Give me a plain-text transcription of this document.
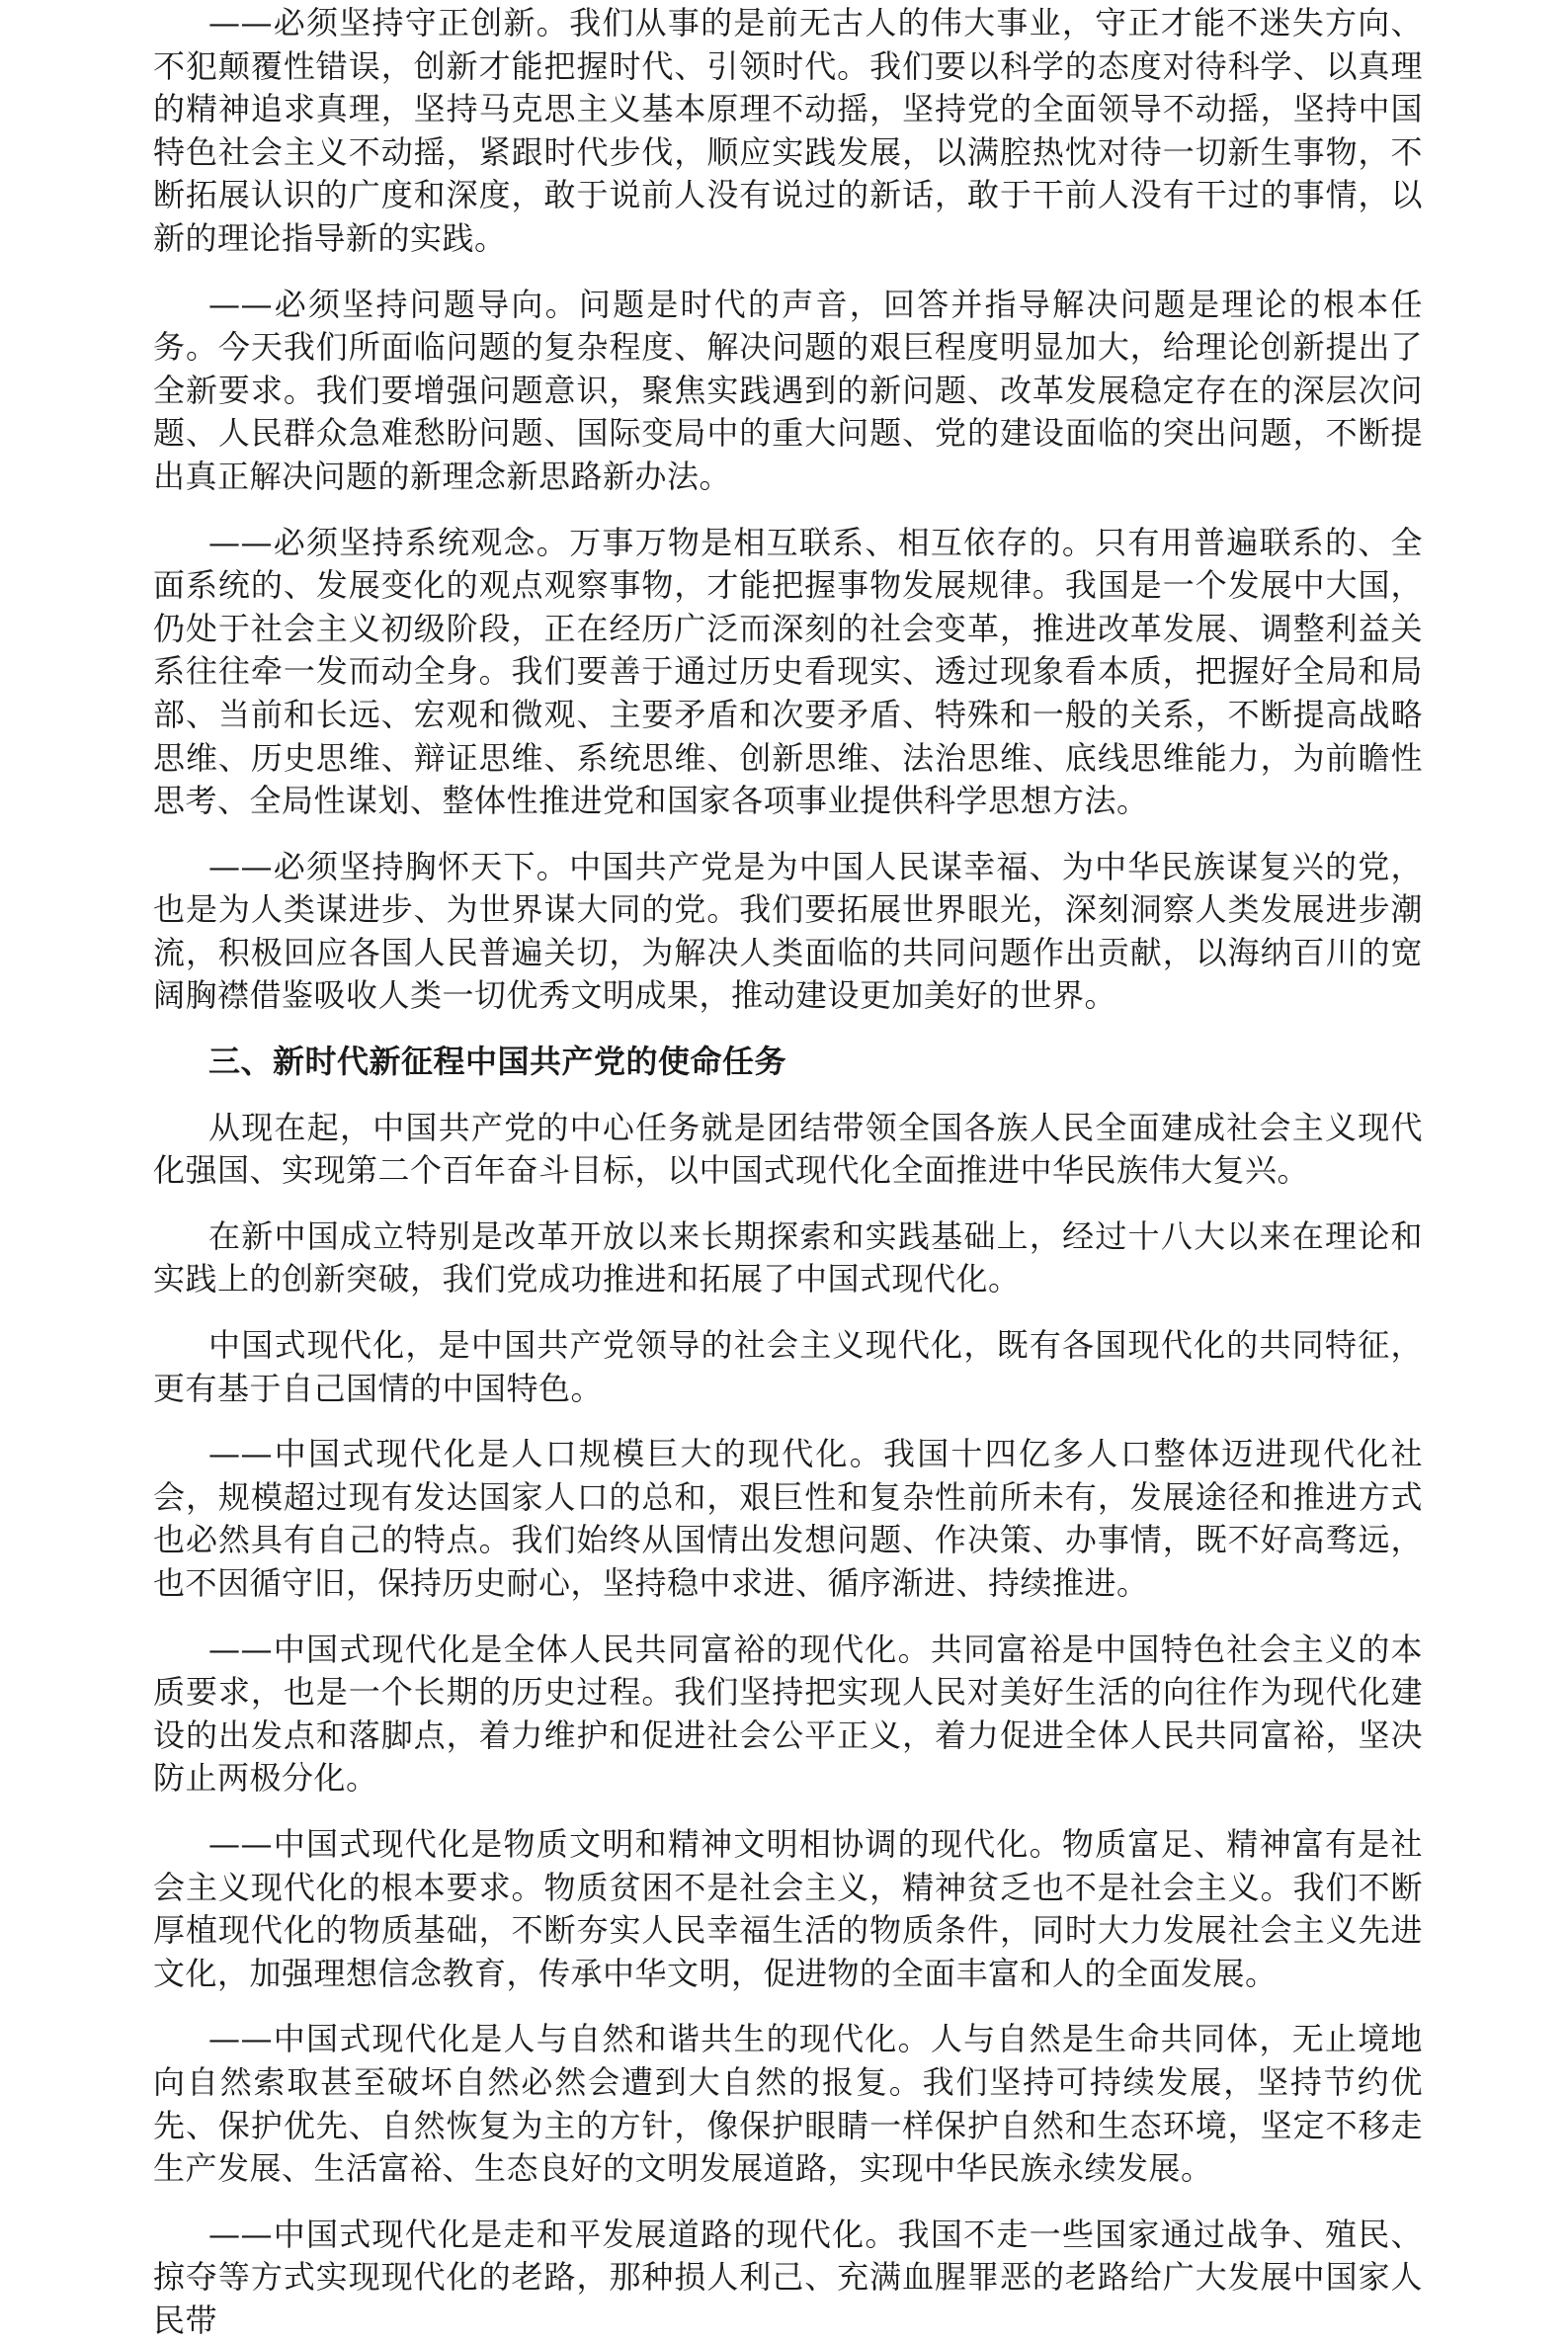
——必须坚持守正创新。我们从事的是前无古人的伟大事业，守正才能不迷失方向、不犯颠覆性错误，创新才能把握时代、引领时代。我们要以科学的态度对待科学、以真理的精神追求真理，坚持马克思主义基本原理不动摇，坚持党的全面领导不动摇，坚持中国特色社会主义不动摇，紧跟时代步伐，顺应实践发展，以满腔热忱对待一切新生事物，不断拓展认识的广度和深度，敢于说前人没有说过的新话，敢于干前人没有干过的事情，以新的理论指导新的实践。

——必须坚持问题导向。问题是时代的声音，回答并指导解决问题是理论的根本任务。今天我们所面临问题的复杂程度、解决问题的艰巨程度明显加大，给理论创新提出了全新要求。我们要增强问题意识，聚焦实践遇到的新问题、改革发展稳定存在的深层次问题、人民群众急难愁盼问题、国际变局中的重大问题、党的建设面临的突出问题，不断提出真正解决问题的新理念新思路新办法。

——必须坚持系统观念。万事万物是相互联系、相互依存的。只有用普遍联系的、全面系统的、发展变化的观点观察事物，才能把握事物发展规律。我国是一个发展中大国，仍处于社会主义初级阶段，正在经历广泛而深刻的社会变革，推进改革发展、调整利益关系往往牵一发而动全身。我们要善于通过历史看现实、透过现象看本质，把握好全局和局部、当前和长远、宏观和微观、主要矛盾和次要矛盾、特殊和一般的关系，不断提高战略思维、历史思维、辩证思维、系统思维、创新思维、法治思维、底线思维能力，为前瞻性思考、全局性谋划、整体性推进党和国家各项事业提供科学思想方法。

——必须坚持胸怀天下。中国共产党是为中国人民谋幸福、为中华民族谋复兴的党，也是为人类谋进步、为世界谋大同的党。我们要拓展世界眼光，深刻洞察人类发展进步潮流，积极回应各国人民普遍关切，为解决人类面临的共同问题作出贡献，以海纳百川的宽阔胸襟借鉴吸收人类一切优秀文明成果，推动建设更加美好的世界。

三、新时代新征程中国共产党的使命任务

从现在起，中国共产党的中心任务就是团结带领全国各族人民全面建成社会主义现代化强国、实现第二个百年奋斗目标，以中国式现代化全面推进中华民族伟大复兴。

在新中国成立特别是改革开放以来长期探索和实践基础上，经过十八大以来在理论和实践上的创新突破，我们党成功推进和拓展了中国式现代化。

中国式现代化，是中国共产党领导的社会主义现代化，既有各国现代化的共同特征，更有基于自己国情的中国特色。

——中国式现代化是人口规模巨大的现代化。我国十四亿多人口整体迈进现代化社会，规模超过现有发达国家人口的总和，艰巨性和复杂性前所未有，发展途径和推进方式也必然具有自己的特点。我们始终从国情出发想问题、作决策、办事情，既不好高骛远，也不因循守旧，保持历史耐心，坚持稳中求进、循序渐进、持续推进。

——中国式现代化是全体人民共同富裕的现代化。共同富裕是中国特色社会主义的本质要求，也是一个长期的历史过程。我们坚持把实现人民对美好生活的向往作为现代化建设的出发点和落脚点，着力维护和促进社会公平正义，着力促进全体人民共同富裕，坚决防止两极分化。

——中国式现代化是物质文明和精神文明相协调的现代化。物质富足、精神富有是社会主义现代化的根本要求。物质贫困不是社会主义，精神贫乏也不是社会主义。我们不断厚植现代化的物质基础，不断夯实人民幸福生活的物质条件，同时大力发展社会主义先进文化，加强理想信念教育，传承中华文明，促进物的全面丰富和人的全面发展。

——中国式现代化是人与自然和谐共生的现代化。人与自然是生命共同体，无止境地向自然索取甚至破坏自然必然会遭到大自然的报复。我们坚持可持续发展，坚持节约优先、保护优先、自然恢复为主的方针，像保护眼睛一样保护自然和生态环境，坚定不移走生产发展、生活富裕、生态良好的文明发展道路，实现中华民族永续发展。

——中国式现代化是走和平发展道路的现代化。我国不走一些国家通过战争、殖民、掠夺等方式实现现代化的老路，那种损人利己、充满血腥罪恶的老路给广大发展中国家人民带
